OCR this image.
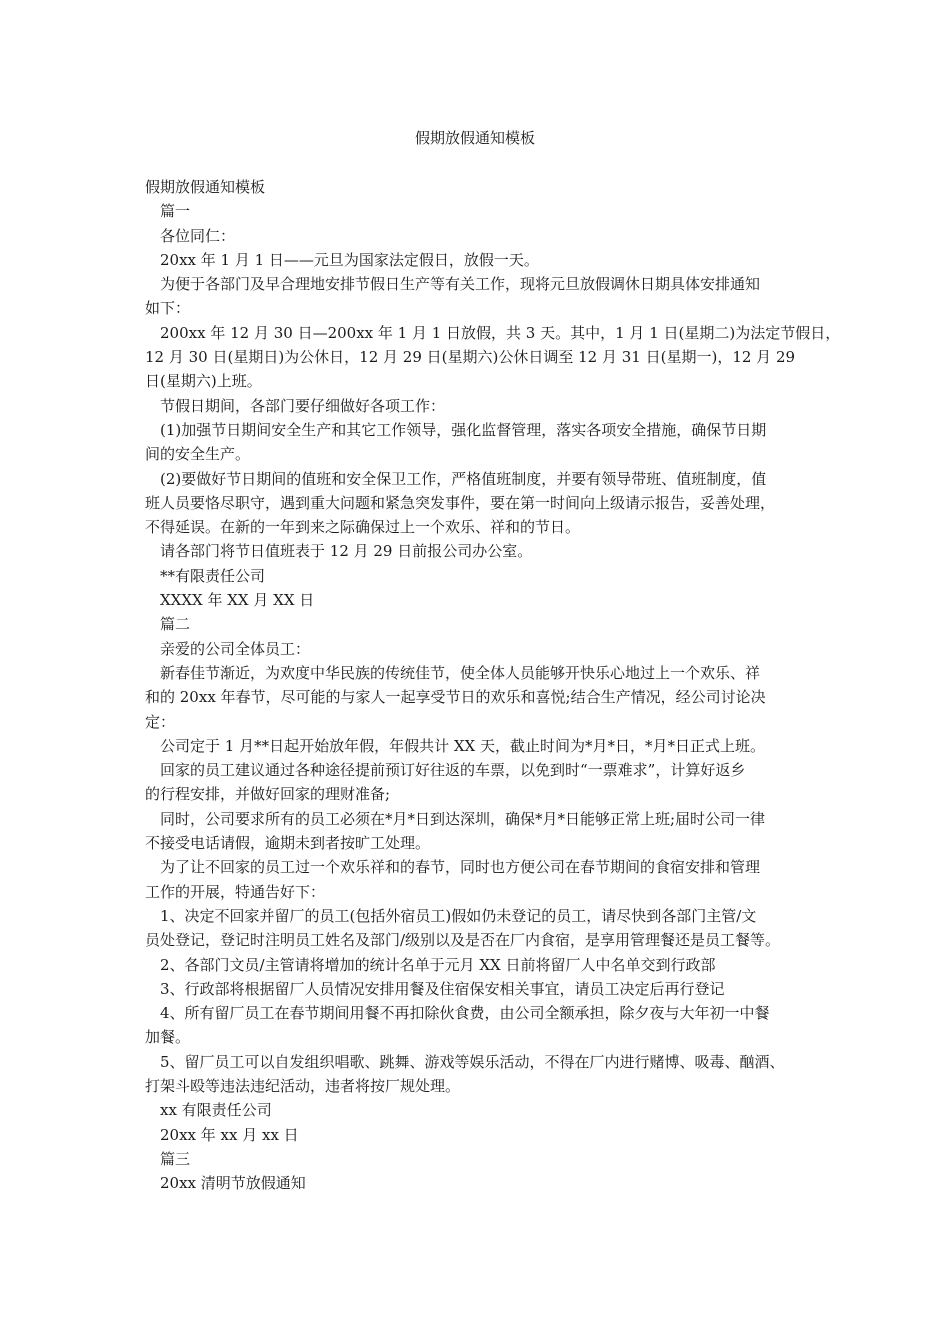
假期放假通知模板
假期放假通知模板
篇一
各位同仁：
20xx 年 1 月 1 日——元旦为国家法定假日，放假一天。
为便于各部门及早合理地安排节假日生产等有关工作，现将元旦放假调休日期具体安排通知
如下：
200xx 年 12 月 30 日—200xx 年 1 月 1 日放假，共 3 天。其中，1 月 1 日(星期二)为法定节假日，
12 月 30 日(星期日)为公休日，12 月 29 日(星期六)公休日调至 12 月 31 日(星期一)，12 月 29
日(星期六)上班。
节假日期间，各部门要仔细做好各项工作：
(1)加强节日期间安全生产和其它工作领导，强化监督管理，落实各项安全措施，确保节日期
间的安全生产。
(2)要做好节日期间的值班和安全保卫工作，严格值班制度，并要有领导带班、值班制度，值
班人员要恪尽职守，遇到重大问题和紧急突发事件，要在第一时间向上级请示报告，妥善处理，
不得延误。在新的一年到来之际确保过上一个欢乐、祥和的节日。
请各部门将节日值班表于 12 月 29 日前报公司办公室。
**有限责任公司
XXXX 年 XX 月 XX 日
篇二
亲爱的公司全体员工：
新春佳节渐近，为欢度中华民族的传统佳节，使全体人员能够开快乐心地过上一个欢乐、祥
和的 20xx 年春节，尽可能的与家人一起享受节日的欢乐和喜悦;结合生产情况，经公司讨论决
定：
公司定于 1 月**日起开始放年假，年假共计 XX 天，截止时间为*月*日，*月*日正式上班。
回家的员工建议通过各种途径提前预订好往返的车票，以免到时“一票难求”，计算好返乡
的行程安排，并做好回家的理财准备;
同时，公司要求所有的员工必须在*月*日到达深圳，确保*月*日能够正常上班;届时公司一律
不接受电话请假，逾期未到者按旷工处理。
为了让不回家的员工过一个欢乐祥和的春节，同时也方便公司在春节期间的食宿安排和管理
工作的开展，特通告好下：
1、决定不回家并留厂的员工(包括外宿员工)假如仍未登记的员工，请尽快到各部门主管/文
员处登记，登记时注明员工姓名及部门/级别以及是否在厂内食宿，是享用管理餐还是员工餐等。
2、各部门文员/主管请将增加的统计名单于元月 XX 日前将留厂人中名单交到行政部
3、行政部将根据留厂人员情况安排用餐及住宿保安相关事宜，请员工决定后再行登记
4、所有留厂员工在春节期间用餐不再扣除伙食费，由公司全额承担，除夕夜与大年初一中餐
加餐。
5、留厂员工可以自发组织唱歌、跳舞、游戏等娱乐活动，不得在厂内进行赌博、吸毒、酗酒、
打架斗殴等违法违纪活动，违者将按厂规处理。
xx 有限责任公司
20xx 年 xx 月 xx 日
篇三
20xx 清明节放假通知
